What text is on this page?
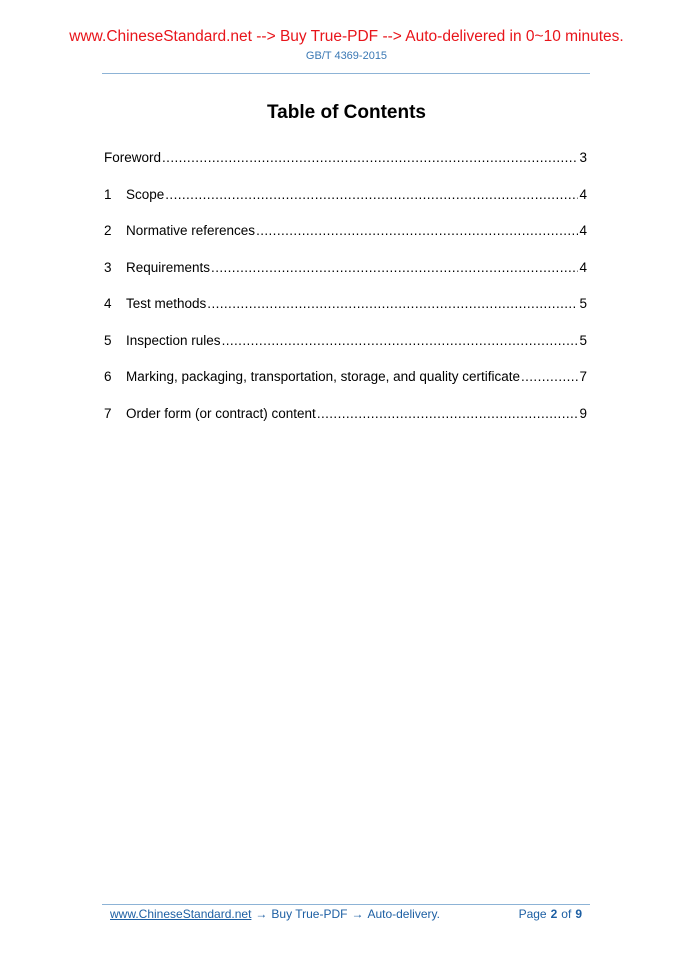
www.ChineseStandard.net --> Buy True-PDF --> Auto-delivered in 0~10 minutes.
GB/T 4369-2015
Table of Contents
Foreword .....	3
1	Scope .....	4
2	Normative references .....	4
3	Requirements .....	4
4	Test methods .....	5
5	Inspection rules .....	5
6	Marking, packaging, transportation, storage, and quality certificate .....	7
7	Order form (or contract) content .....	9
www.ChineseStandard.net → Buy True-PDF → Auto-delivery.	Page 2 of 9
